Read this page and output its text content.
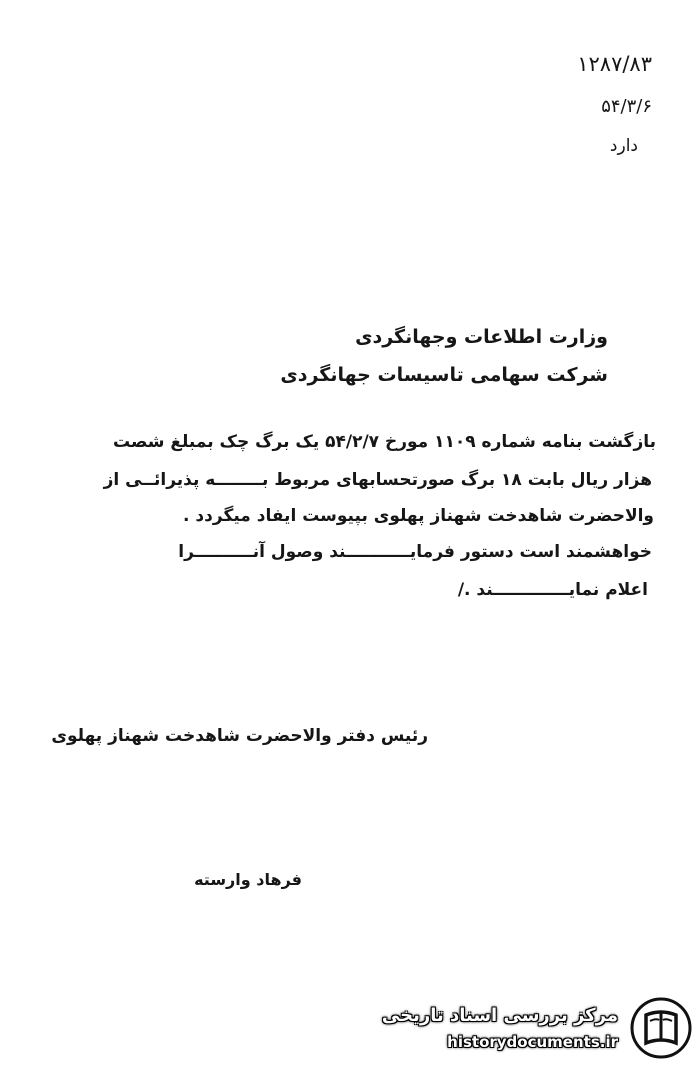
۱۲۸۷/۸۳
۵۴/۳/۶
دارد
وزارت اطلاعات وجهانگردی
شرکت سهامی تاسیسات جهانگردی
بازگشت بنامه شماره ۱۱۰۹ مورخ ۵۴/۲/۷ یک برگ چک بمبلغ شصت
هزار ریال بابت ۱۸ برگ صورتحسابهای مربوط بــــــــه پذیرائــی از
والاحضرت شاهدخت شهناز پهلوی بپیوست ایفاد میگردد .
خواهشمند است دستور فرمایـــــــــــند وصول آنــــــــــرا
اعلام نمایـــــــــــــند ./
رئیس دفتر والاحضرت شاهدخت شهناز پهلوی
فرهاد وارسته
مرکز بررسی اسناد تاریخی
historydocuments.ir
